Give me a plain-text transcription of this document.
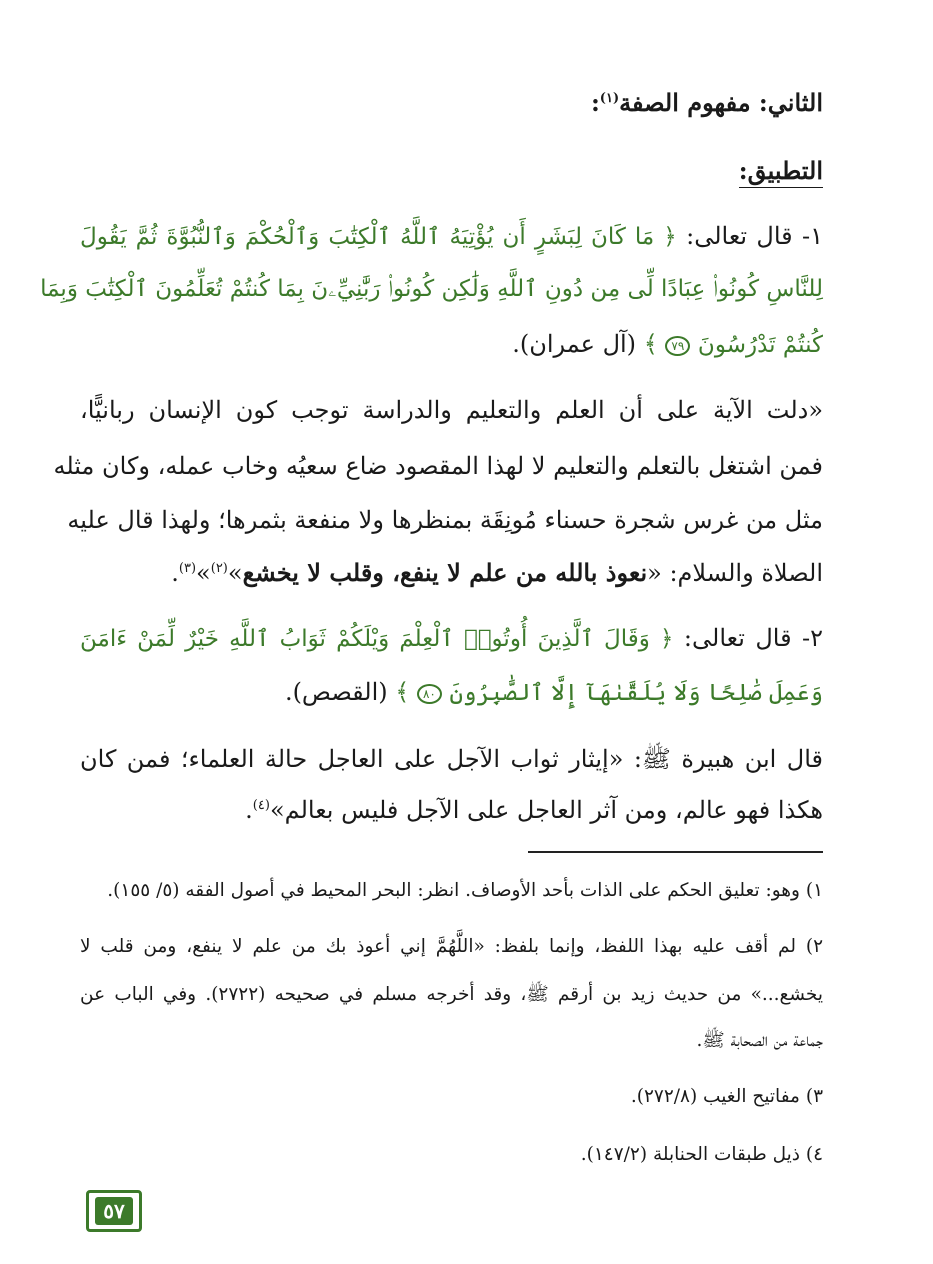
الثاني: مفهوم الصفة$^{(١)}$:
التطبيق:
١- قال تعالى: ﴿ مَا كَانَ لِبَشَرٍ أَن يُؤْتِيَهُ ٱللَّهُ ٱلْكِتَٰبَ وَٱلْحُكْمَ وَٱلنُّبُوَّةَ ثُمَّ يَقُولَ
لِلنَّاسِ كُونُوا۟ عِبَادًا لِّى مِن دُونِ ٱللَّهِ وَلَٰكِن كُونُوا۟ رَبَّٰنِيِّۦنَ بِمَا كُنتُمْ تُعَلِّمُونَ ٱلْكِتَٰبَ وَبِمَا
كُنتُمْ تَدْرُسُونَ ٧٩ ﴾ (آل عمران).
«دلت الآية على أن العلم والتعليم والدراسة توجب كون الإنسان ربانيًّا،
فمن اشتغل بالتعلم والتعليم لا لهذا المقصود ضاع سعيُه وخاب عمله، وكان مثله
مثل من غرس شجرة حسناء مُونِقَة بمنظرها ولا منفعة بثمرها؛ ولهذا قال عليه
الصلاة والسلام: «نعوذ بالله من علم لا ينفع، وقلب لا يخشع»$^{(٢)}$»$^{(٣)}$.
٢- قال تعالى: ﴿ وَقَالَ ٱلَّذِينَ أُوتُوا۟ ٱلْعِلْمَ وَيْلَكُمْ ثَوَابُ ٱللَّهِ خَيْرٌ لِّمَنْ ءَامَنَ
وَعَمِلَ صَٰلِحًا وَلَا يُلَقَّىٰهَآ إِلَّا ٱلصَّٰبِرُونَ ٨٠ ﴾ (القصص).
قال ابن هبيرة ﷺ: «إيثار ثواب الآجل على العاجل حالة العلماء؛ فمن كان
هكذا فهو عالم، ومن آثر العاجل على الآجل فليس بعالم»$^{(٤)}$.
١) وهو: تعليق الحكم على الذات بأحد الأوصاف. انظر: البحر المحيط في أصول الفقه (٥/ ١٥٥).
٢) لم أقف عليه بهذا اللفظ، وإنما بلفظ: «اللَّهُمَّ إني أعوذ بك من علم لا ينفع، ومن قلب لا
يخشع...» من حديث زيد بن أرقم ﷺ، وقد أخرجه مسلم في صحيحه (٢٧٢٢). وفي الباب عن
جماعة من الصحابة ﷺ.
٣) مفاتيح الغيب (٢٧٢/٨).
٤) ذيل طبقات الحنابلة (١٤٧/٢).
٥٧
